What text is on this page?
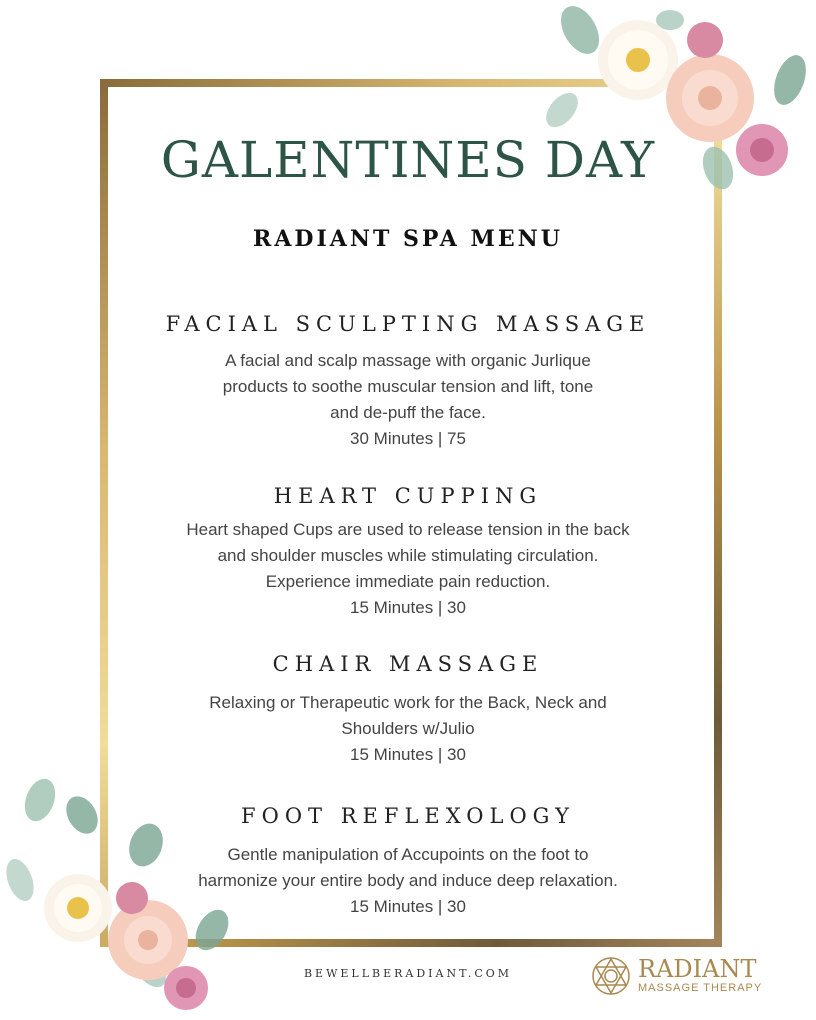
GALENTINES DAY
RADIANT SPA MENU
FACIAL SCULPTING MASSAGE
A facial and scalp massage with organic Jurlique
products to soothe muscular tension and lift, tone
and de-puff the face.
30 Minutes | 75
HEART CUPPING
Heart shaped Cups are used to release tension in the back
and shoulder muscles while stimulating circulation.
Experience immediate pain reduction.
15 Minutes | 30
CHAIR MASSAGE
Relaxing or Therapeutic work for the Back, Neck and
Shoulders w/Julio
15 Minutes | 30
FOOT REFLEXOLOGY
Gentle manipulation of Accupoints on the foot to
harmonize your entire body and induce deep relaxation.
15 Minutes | 30
BEWELLBERADIANT.COM	RADIANT
MASSAGE THERAPY
